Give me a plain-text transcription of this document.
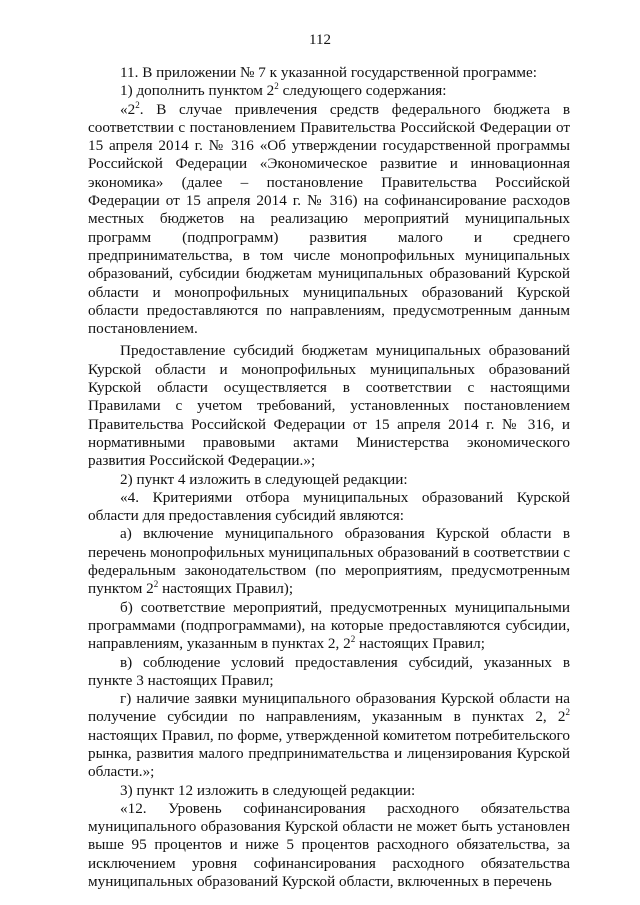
112

11. В приложении № 7 к указанной государственной программе:

1) дополнить пунктом $2^2$ следующего содержания:

«$2^2$. В случае привлечения средств федерального бюджета в соответствии с постановлением Правительства Российской Федерации от 15 апреля 2014 г. № 316 «Об утверждении государственной программы Российской Федерации «Экономическое развитие и инновационная экономика» (далее – постановление Правительства Российской Федерации от 15 апреля 2014 г. № 316) на софинансирование расходов местных бюджетов на реализацию мероприятий муниципальных программ (подпрограмм) развития малого и среднего предпринимательства, в том числе монопрофильных муниципальных образований, субсидии бюджетам муниципальных образований Курской области и монопрофильных муниципальных образований Курской области предоставляются по направлениям, предусмотренным данным постановлением.

Предоставление субсидий бюджетам муниципальных образований Курской области и монопрофильных муниципальных образований Курской области осуществляется в соответствии с настоящими Правилами с учетом требований, установленных постановлением Правительства Российской Федерации от 15 апреля 2014 г. № 316, и нормативными правовыми актами Министерства экономического развития Российской Федерации.»;

2) пункт 4 изложить в следующей редакции:

«4. Критериями отбора муниципальных образований Курской области для предоставления субсидий являются:

а) включение муниципального образования Курской области в перечень монопрофильных муниципальных образований в соответствии с федеральным законодательством (по мероприятиям, предусмотренным пунктом $2^2$ настоящих Правил);

б) соответствие мероприятий, предусмотренных муниципальными программами (подпрограммами), на которые предоставляются субсидии, направлениям, указанным в пунктах 2, $2^2$ настоящих Правил;

в) соблюдение условий предоставления субсидий, указанных в пункте 3 настоящих Правил;

г) наличие заявки муниципального образования Курской области на получение субсидии по направлениям, указанным в пунктах 2, $2^2$ настоящих Правил, по форме, утвержденной комитетом потребительского рынка, развития малого предпринимательства и лицензирования Курской области.»;

3) пункт 12 изложить в следующей редакции:

«12. Уровень софинансирования расходного обязательства муниципального образования Курской области не может быть установлен выше 95 процентов и ниже 5 процентов расходного обязательства, за исключением уровня софинансирования расходного обязательства муниципальных образований Курской области, включенных в перечень
